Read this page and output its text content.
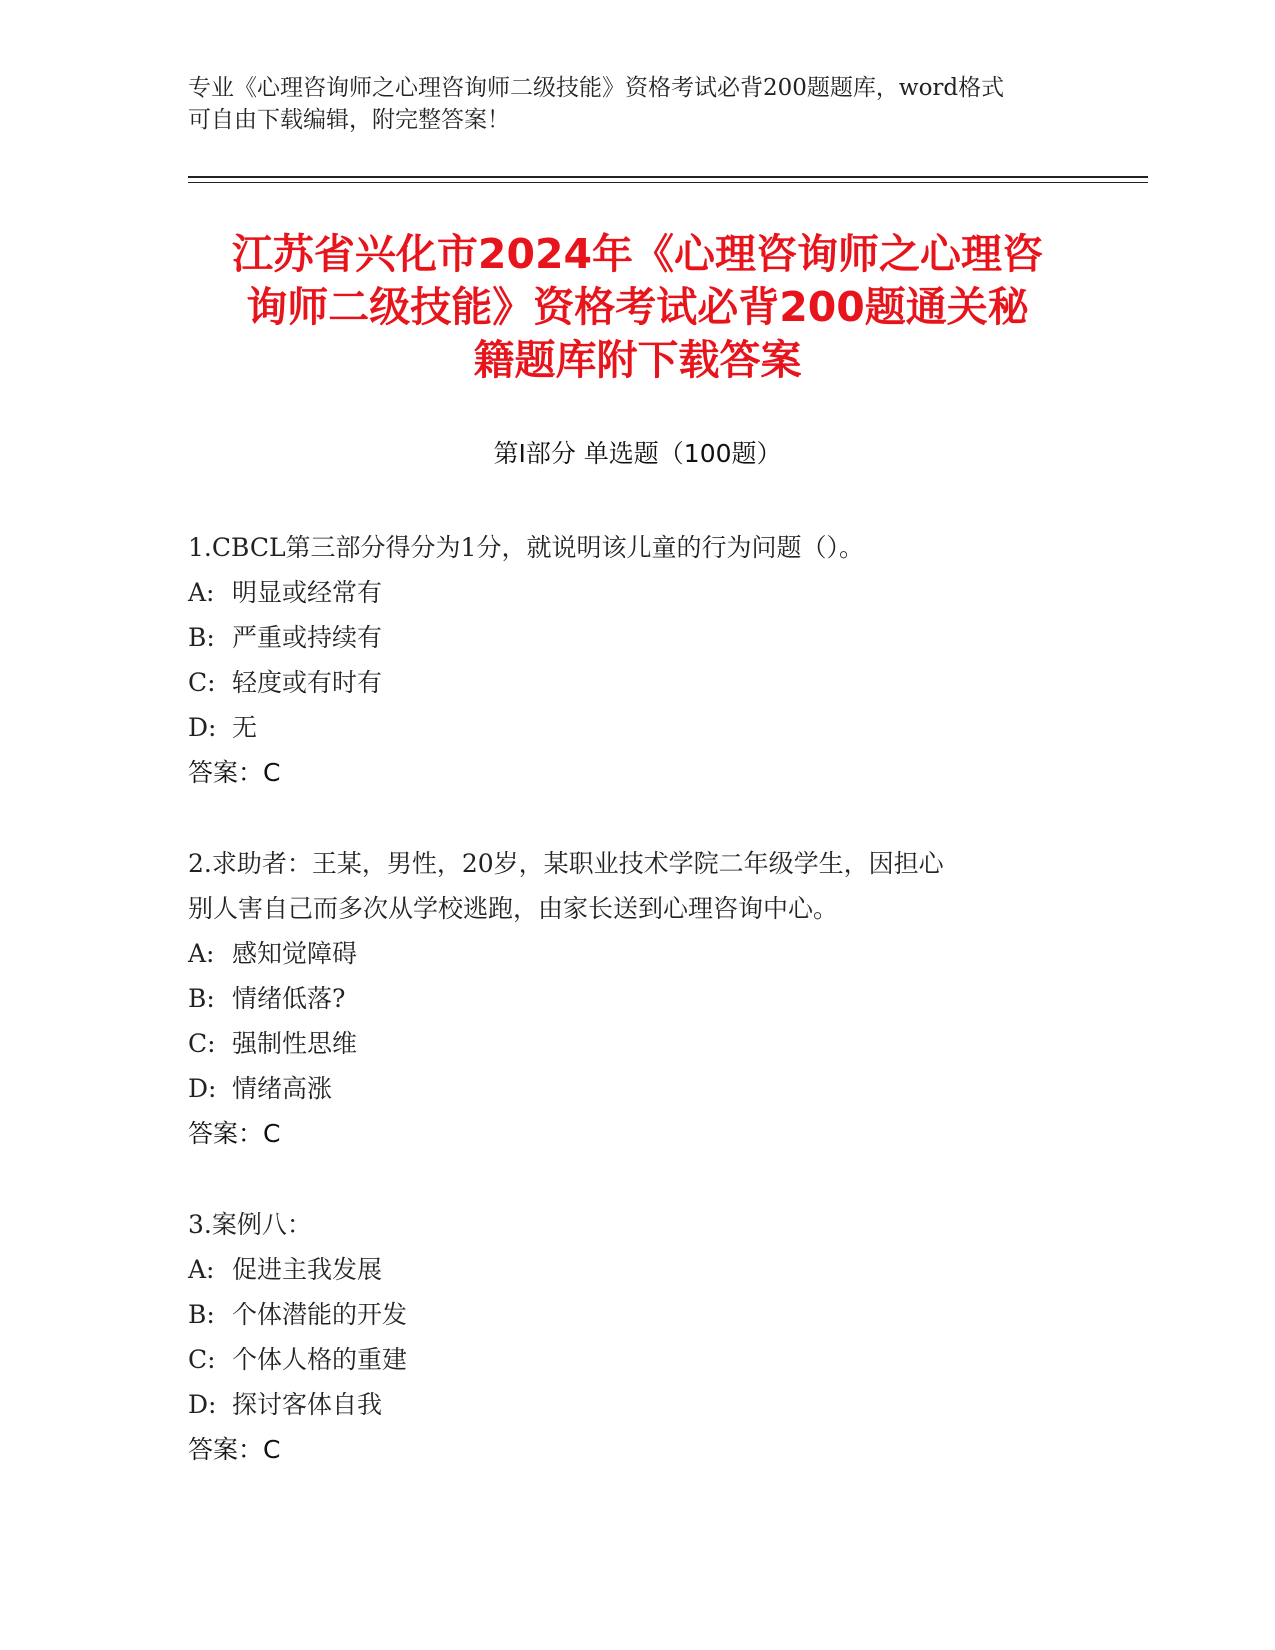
专业《心理咨询师之心理咨询师二级技能》资格考试必背200题题库，word格式
可自由下载编辑，附完整答案！
江苏省兴化市2024年《心理咨询师之心理咨
询师二级技能》资格考试必背200题通关秘
籍题库附下载答案
第Ⅰ部分 单选题（100题）
1.CBCL第三部分得分为1分，就说明该儿童的行为问题（）。
A: 明显或经常有
B: 严重或持续有
C: 轻度或有时有
D: 无
答案：C
2.求助者：王某，男性，20岁，某职业技术学院二年级学生，因担心
别人害自己而多次从学校逃跑，由家长送到心理咨询中心。
A: 感知觉障碍
B: 情绪低落?
C: 强制性思维
D: 情绪高涨
答案：C
3.案例八：
A: 促进主我发展
B: 个体潜能的开发
C: 个体人格的重建
D: 探讨客体自我
答案：C
